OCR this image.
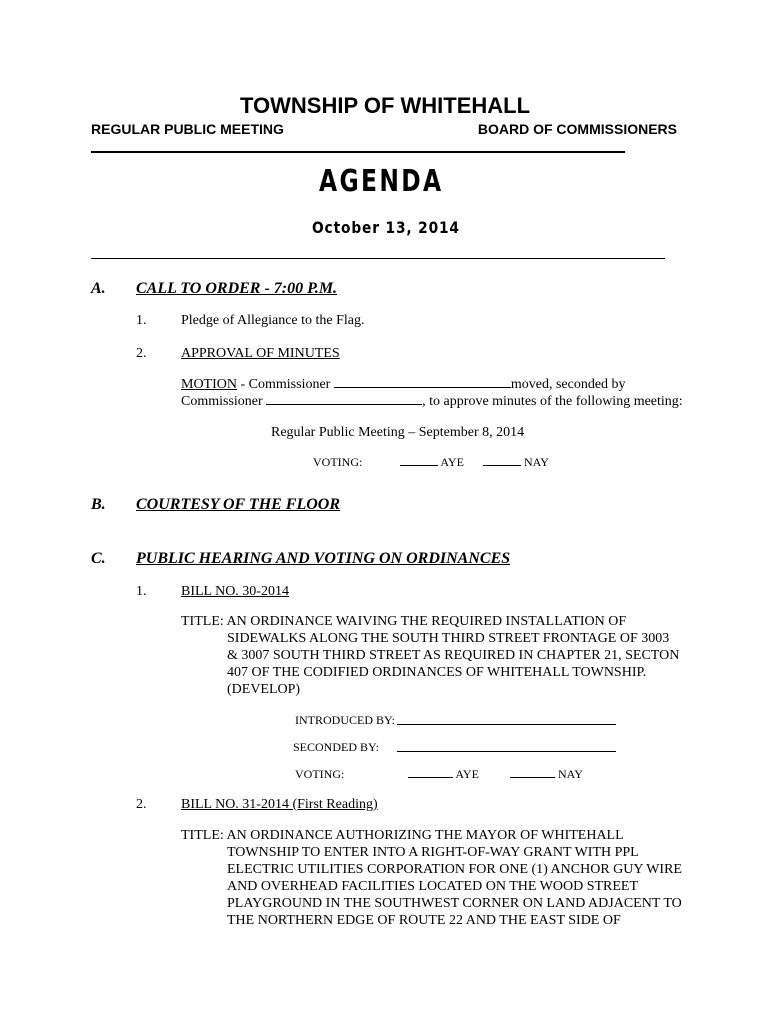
TOWNSHIP OF WHITEHALL
REGULAR PUBLIC MEETING	BOARD OF COMMISSIONERS
AGENDA
October 13, 2014
A. CALL TO ORDER - 7:00 P.M.
1. Pledge of Allegiance to the Flag.
2. APPROVAL OF MINUTES
MOTION - Commissioner	moved, seconded by
Commissioner	, to approve minutes of the following meeting:
Regular Public Meeting – September 8, 2014
VOTING:	AYE	NAY
B. COURTESY OF THE FLOOR
C. PUBLIC HEARING AND VOTING ON ORDINANCES
1. BILL NO. 30-2014
TITLE: AN ORDINANCE WAIVING THE REQUIRED INSTALLATION OF
SIDEWALKS ALONG THE SOUTH THIRD STREET FRONTAGE OF 3003
& 3007 SOUTH THIRD STREET AS REQUIRED IN CHAPTER 21, SECTON
407 OF THE CODIFIED ORDINANCES OF WHITEHALL TOWNSHIP.
(DEVELOP)
INTRODUCED BY:
SECONDED BY:
VOTING:	AYE	NAY
2. BILL NO. 31-2014 (First Reading)
TITLE: AN ORDINANCE AUTHORIZING THE MAYOR OF WHITEHALL
TOWNSHIP TO ENTER INTO A RIGHT-OF-WAY GRANT WITH PPL
ELECTRIC UTILITIES CORPORATION FOR ONE (1) ANCHOR GUY WIRE
AND OVERHEAD FACILITIES LOCATED ON THE WOOD STREET
PLAYGROUND IN THE SOUTHWEST CORNER ON LAND ADJACENT TO
THE NORTHERN EDGE OF ROUTE 22 AND THE EAST SIDE OF
